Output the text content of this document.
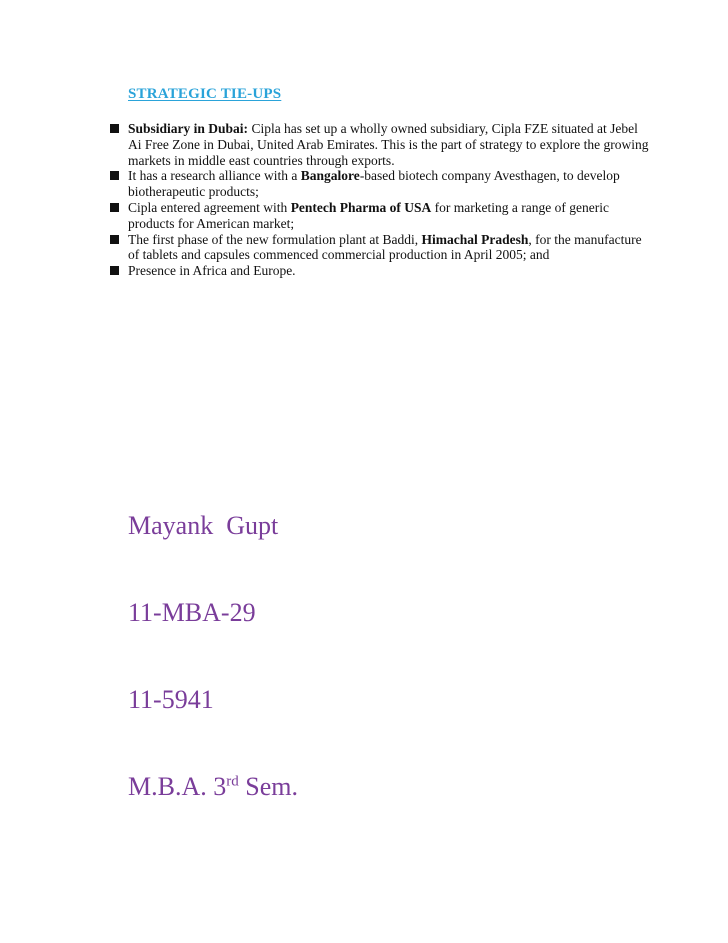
STRATEGIC TIE-UPS
Subsidiary in Dubai: Cipla has set up a wholly owned subsidiary, Cipla FZE situated at Jebel Ai Free Zone in Dubai, United Arab Emirates. This is the part of strategy to explore the growing markets in middle east countries through exports.
It has a research alliance with a Bangalore-based biotech company Avesthagen, to develop biotherapeutic products;
Cipla entered agreement with Pentech Pharma of USA for marketing a range of generic products for American market;
The first phase of the new formulation plant at Baddi, Himachal Pradesh, for the manufacture of tablets and capsules commenced commercial production in April 2005; and
Presence in Africa and Europe.

Mayank  Gupt

11-MBA-29

11-5941

M.B.A. 3rd Sem.
